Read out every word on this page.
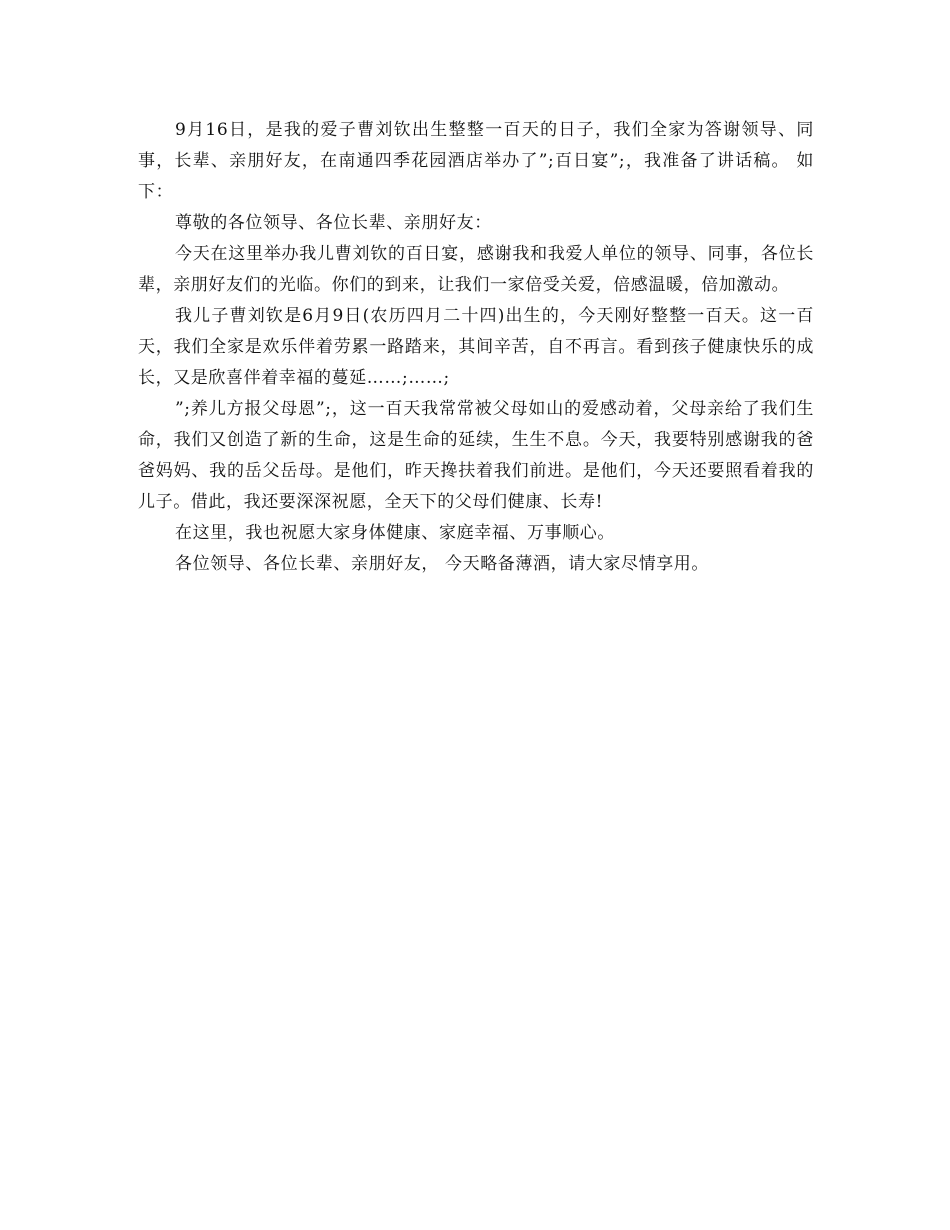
9月16日，是我的爱子曹刘钦出生整整一百天的日子，我们全家为答谢领导、同事，长辈、亲朋好友，在南通四季花园酒店举办了”;百日宴”;，我准备了讲话稿。 如下：

尊敬的各位领导、各位长辈、亲朋好友：

今天在这里举办我儿曹刘钦的百日宴，感谢我和我爱人单位的领导、同事，各位长辈，亲朋好友们的光临。你们的到来，让我们一家倍受关爱，倍感温暖，倍加激动。

我儿子曹刘钦是6月9日(农历四月二十四)出生的，今天刚好整整一百天。这一百天，我们全家是欢乐伴着劳累一路踏来，其间辛苦，自不再言。看到孩子健康快乐的成长，又是欣喜伴着幸福的蔓延……;……;

”;养儿方报父母恩”;，这一百天我常常被父母如山的爱感动着，父母亲给了我们生命，我们又创造了新的生命，这是生命的延续，生生不息。今天，我要特别感谢我的爸爸妈妈、我的岳父岳母。是他们，昨天搀扶着我们前进。是他们，今天还要照看着我的儿子。借此，我还要深深祝愿，全天下的父母们健康、长寿!

在这里，我也祝愿大家身体健康、家庭幸福、万事顺心。

各位领导、各位长辈、亲朋好友， 今天略备薄酒，请大家尽情享用。
